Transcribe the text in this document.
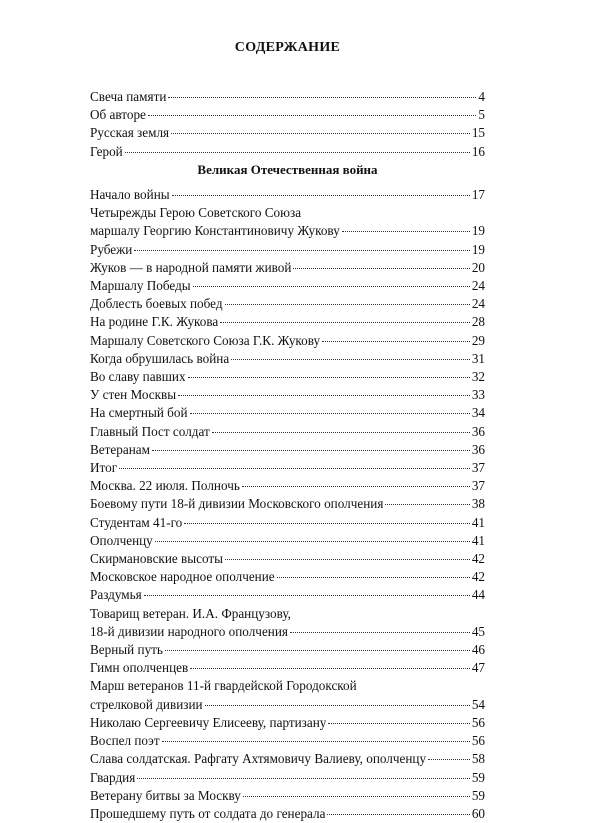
СОДЕРЖАНИЕ
Свеча памяти	4
Об авторе	5
Русская земля	15
Герой	16
Великая Отечественная война
Начало войны	17
Четырежды Герою Советского Союза
маршалу Георгию Константиновичу Жукову	19
Рубежи	19
Жуков — в народной памяти живой	20
Маршалу Победы	24
Доблесть боевых побед	24
На родине Г.К. Жукова	28
Маршалу Советского Союза Г.К. Жукову	29
Когда обрушилась война	31
Во славу павших	32
У стен Москвы	33
На смертный бой	34
Главный Пост солдат	36
Ветеранам	36
Итог	37
Москва. 22 июля. Полночь	37
Боевому пути 18-й дивизии Московского ополчения	38
Студентам 41-го	41
Ополченцу	41
Скирмановские высоты	42
Московское народное ополчение	42
Раздумья	44
Товарищ ветеран. И.А. Французову,
18-й дивизии народного ополчения	45
Верный путь	46
Гимн ополченцев	47
Марш ветеранов 11-й гвардейской Городокской
стрелковой дивизии	54
Николаю Сергеевичу Елисееву, партизану	56
Воспел поэт	56
Слава солдатская. Рафгату Ахтямовичу Валиеву, ополченцу	58
Гвардия	59
Ветерану битвы за Москву	59
Прошедшему путь от солдата до генерала	60
